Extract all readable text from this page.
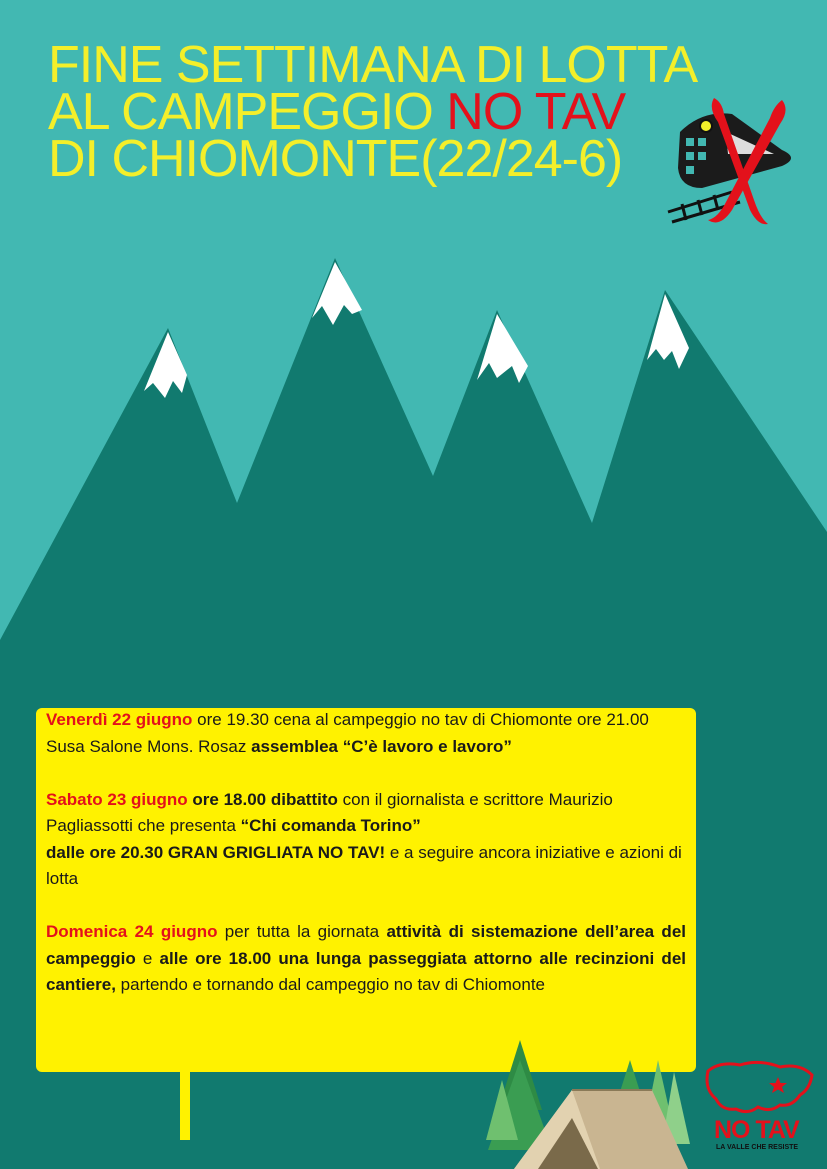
FINE SETTIMANA DI LOTTA
AL CAMPEGGIO NO TAV
DI CHIOMONTE(22/24-6)

Venerdì 22 giugno ore 19.30 cena al campeggio no tav di Chiomonte ore 21.00 Susa Salone Mons. Rosaz assemblea “C’è lavoro e lavoro”

Sabato 23 giugno ore 18.00 dibattito con il giornalista e scrittore Maurizio Pagliassotti che presenta “Chi comanda Torino”
dalle ore 20.30 GRAN GRIGLIATA NO TAV! e a seguire ancora iniziative e azioni di lotta

Domenica 24 giugno per tutta la giornata attività di sistemazione dell’area del campeggio e alle ore 18.00 una lunga passeggiata attorno alle recinzioni del cantiere, partendo e tornando dal campeggio no tav di Chiomonte

NO TAV
LA VALLE CHE RESISTE
